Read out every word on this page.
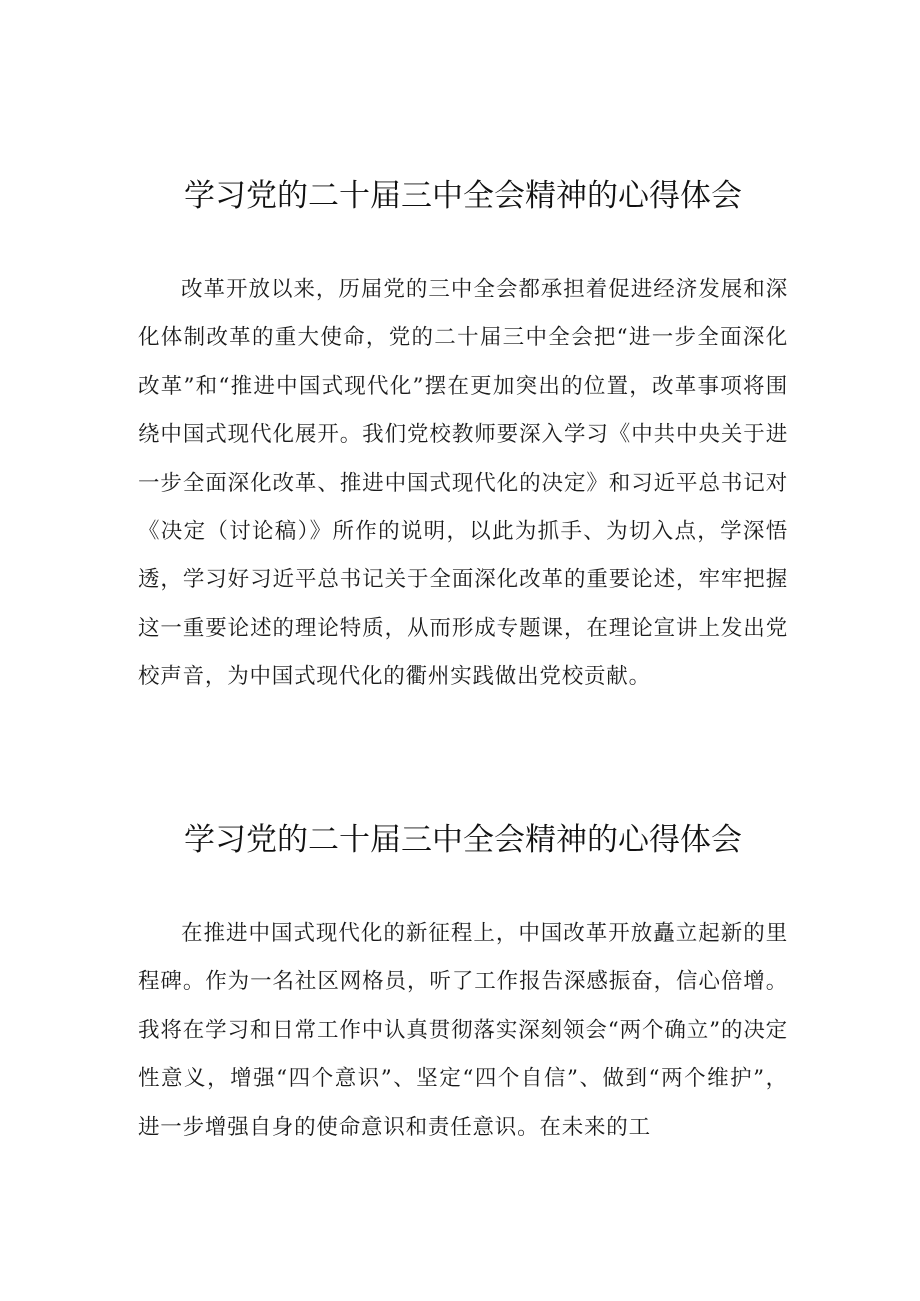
学习党的二十届三中全会精神的心得体会

改革开放以来，历届党的三中全会都承担着促进经济发展和深化体制改革的重大使命，党的二十届三中全会把“进一步全面深化改革”和“推进中国式现代化”摆在更加突出的位置，改革事项将围绕中国式现代化展开。我们党校教师要深入学习《中共中央关于进一步全面深化改革、推进中国式现代化的决定》和习近平总书记对《决定（讨论稿）》所作的说明，以此为抓手、为切入点，学深悟透，学习好习近平总书记关于全面深化改革的重要论述，牢牢把握这一重要论述的理论特质，从而形成专题课，在理论宣讲上发出党校声音，为中国式现代化的衢州实践做出党校贡献。

学习党的二十届三中全会精神的心得体会

在推进中国式现代化的新征程上，中国改革开放矗立起新的里程碑。作为一名社区网格员，听了工作报告深感振奋，信心倍增。我将在学习和日常工作中认真贯彻落实深刻领会“两个确立”的决定性意义，增强“四个意识”、坚定“四个自信”、做到“两个维护”，进一步增强自身的使命意识和责任意识。在未来的工
